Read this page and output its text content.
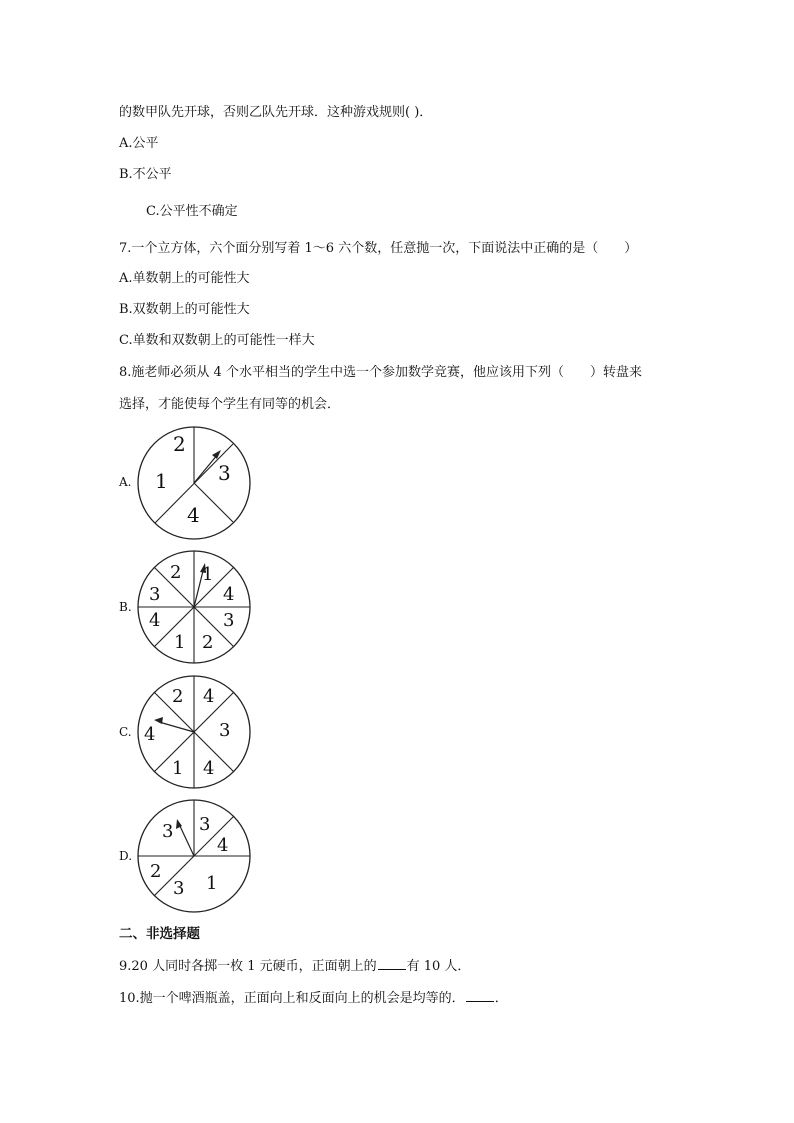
的数甲队先开球，否则乙队先开球．这种游戏规则( )．
A.公平
B.不公平
C.公平性不确定
7.一个立方体，六个面分别写着 1～6 六个数，任意抛一次，下面说法中正确的是（　　）
A.单数朝上的可能性大
B.双数朝上的可能性大
C.单数和双数朝上的可能性一样大
8.施老师必须从 4 个水平相当的学生中选一个参加数学竞赛，他应该用下列（　　）转盘来
选择，才能使每个学生有同等的机会．
A. 1
2
3
4
B.
2 1
4
3
2
1
4
3
C.
4
3
4
1
4
2
D.
3 3
4
1
3
2
二、非选择题
9.20 人同时各掷一枚 1 元硬币，正面朝上的 有 10 人．
10.抛一个啤酒瓶盖，正面向上和反面向上的机会是均等的． ．
